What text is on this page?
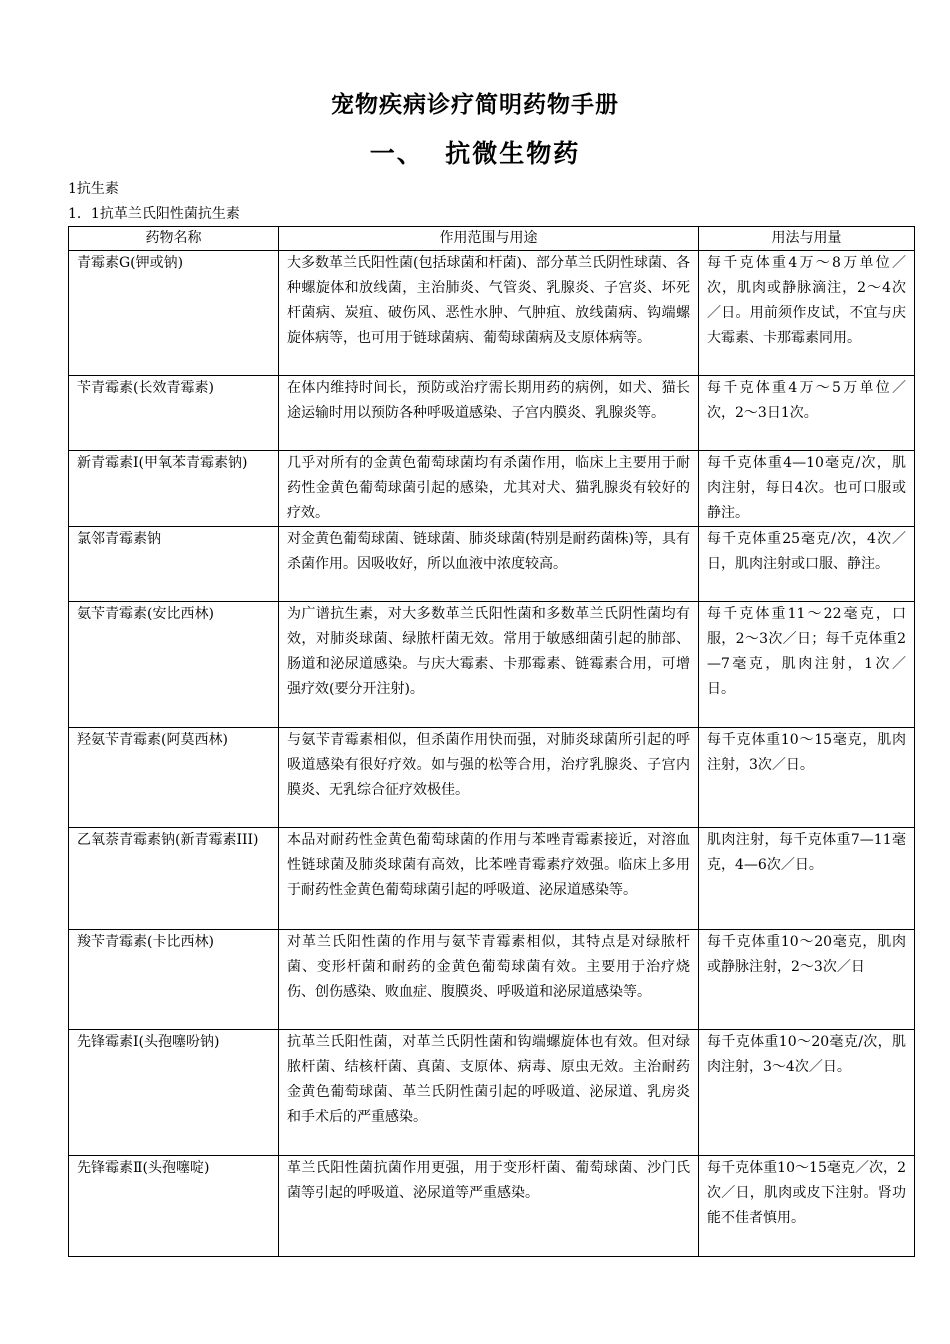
宠物疾病诊疗简明药物手册
一、  抗微生物药
1抗生素
1．1抗革兰氏阳性菌抗生素
药物名称	作用范围与用途	用法与用量
青霉素G(钾或钠)	大多数革兰氏阳性菌(包括球菌和杆菌)、部分革兰氏阴性球菌、各种螺旋体和放线菌，主治肺炎、气管炎、乳腺炎、子宫炎、坏死杆菌病、炭疽、破伤风、恶性水肿、气肿疽、放线菌病、钩端螺旋体病等，也可用于链球菌病、葡萄球菌病及支原体病等。	每千克体重4万～8万单位／次，肌肉或静脉滴注，2～4次／日。用前须作皮试，不宜与庆大霉素、卡那霉素同用。
苄青霉素(长效青霉素)	在体内维持时间长，预防或治疗需长期用药的病例，如犬、猫长途运输时用以预防各种呼吸道感染、子宫内膜炎、乳腺炎等。	每千克体重4万～5万单位／次，2～3日1次。
新青霉素I(甲氧苯青霉素钠)	几乎对所有的金黄色葡萄球菌均有杀菌作用，临床上主要用于耐药性金黄色葡萄球菌引起的感染，尤其对犬、猫乳腺炎有较好的疗效。	每千克体重4—10毫克/次，肌肉注射，每日4次。也可口服或静注。
氯邻青霉素钠	对金黄色葡萄球菌、链球菌、肺炎球菌(特别是耐药菌株)等，具有杀菌作用。因吸收好，所以血液中浓度较高。	每千克体重25毫克/次，4次／日，肌肉注射或口服、静注。
氨苄青霉素(安比西林)	为广谱抗生素，对大多数革兰氏阳性菌和多数革兰氏阴性菌均有效，对肺炎球菌、绿脓杆菌无效。常用于敏感细菌引起的肺部、肠道和泌尿道感染。与庆大霉素、卡那霉素、链霉素合用，可增强疗效(要分开注射)。	每千克体重11～22毫克，口服，2～3次／日；每千克体重2—7毫克，肌肉注射，1次／日。
羟氨苄青霉素(阿莫西林)	与氨苄青霉素相似，但杀菌作用快而强，对肺炎球菌所引起的呼吸道感染有很好疗效。如与强的松等合用，治疗乳腺炎、子宫内膜炎、无乳综合征疗效极佳。	每千克体重10～15毫克，肌肉注射，3次／日。
乙氧萘青霉素钠(新青霉素III)	本品对耐药性金黄色葡萄球菌的作用与苯唑青霉素接近，对溶血性链球菌及肺炎球菌有高效，比苯唑青霉素疗效强。临床上多用于耐药性金黄色葡萄球菌引起的呼吸道、泌尿道感染等。	肌肉注射，每千克体重7—11毫克，4—6次／日。
羧苄青霉素(卡比西林)	对革兰氏阳性菌的作用与氨苄青霉素相似，其特点是对绿脓杆菌、变形杆菌和耐药的金黄色葡萄球菌有效。主要用于治疗烧伤、创伤感染、败血症、腹膜炎、呼吸道和泌尿道感染等。	每千克体重10～20毫克，肌肉或静脉注射，2～3次／日
先锋霉素I(头孢噻吩钠)	抗革兰氏阳性菌，对革兰氏阴性菌和钩端螺旋体也有效。但对绿脓杆菌、结核杆菌、真菌、支原体、病毒、原虫无效。主治耐药金黄色葡萄球菌、革兰氏阴性菌引起的呼吸道、泌尿道、乳房炎和手术后的严重感染。	每千克体重10～20毫克/次，肌肉注射，3～4次／日。
先锋霉素Ⅱ(头孢噻啶)	革兰氏阳性菌抗菌作用更强，用于变形杆菌、葡萄球菌、沙门氏菌等引起的呼吸道、泌尿道等严重感染。	每千克体重10～15毫克／次，2次／日，肌肉或皮下注射。肾功能不佳者慎用。
